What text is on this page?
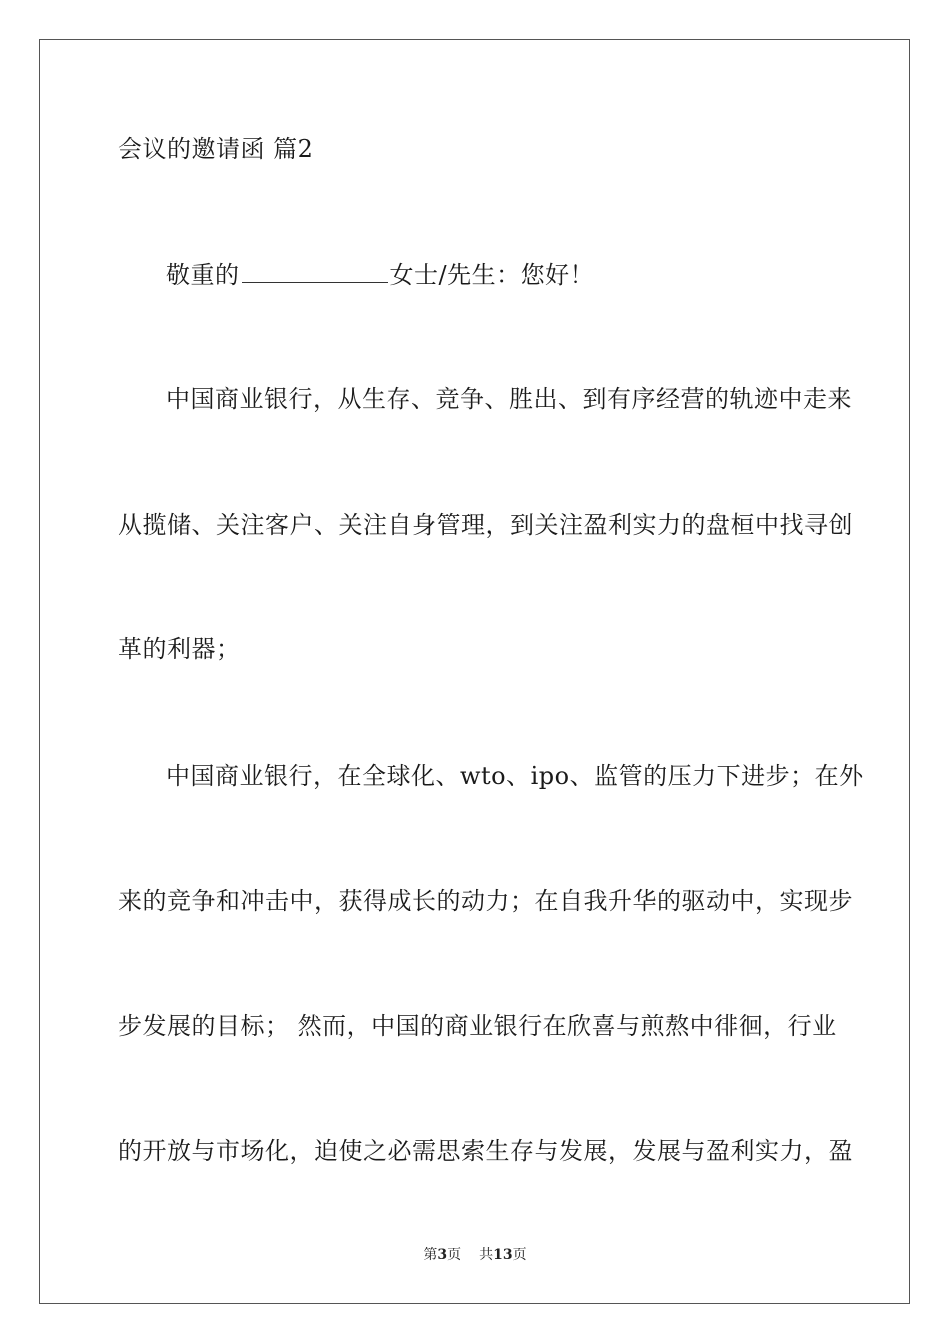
会议的邀请函 篇2
敬重的	女士/先生：您好！
中国商业银行，从生存、竞争、胜出、到有序经营的轨迹中走来
从揽储、关注客户、关注自身管理，到关注盈利实力的盘桓中找寻创
革的利器；
中国商业银行，在全球化、wto、ipo、监管的压力下进步；在外
来的竞争和冲击中，获得成长的动力；在自我升华的驱动中，实现步
步发展的目标； 然而，中国的商业银行在欣喜与煎熬中徘徊，行业
的开放与市场化，迫使之必需思索生存与发展，发展与盈利实力，盈
第3页 共13页
